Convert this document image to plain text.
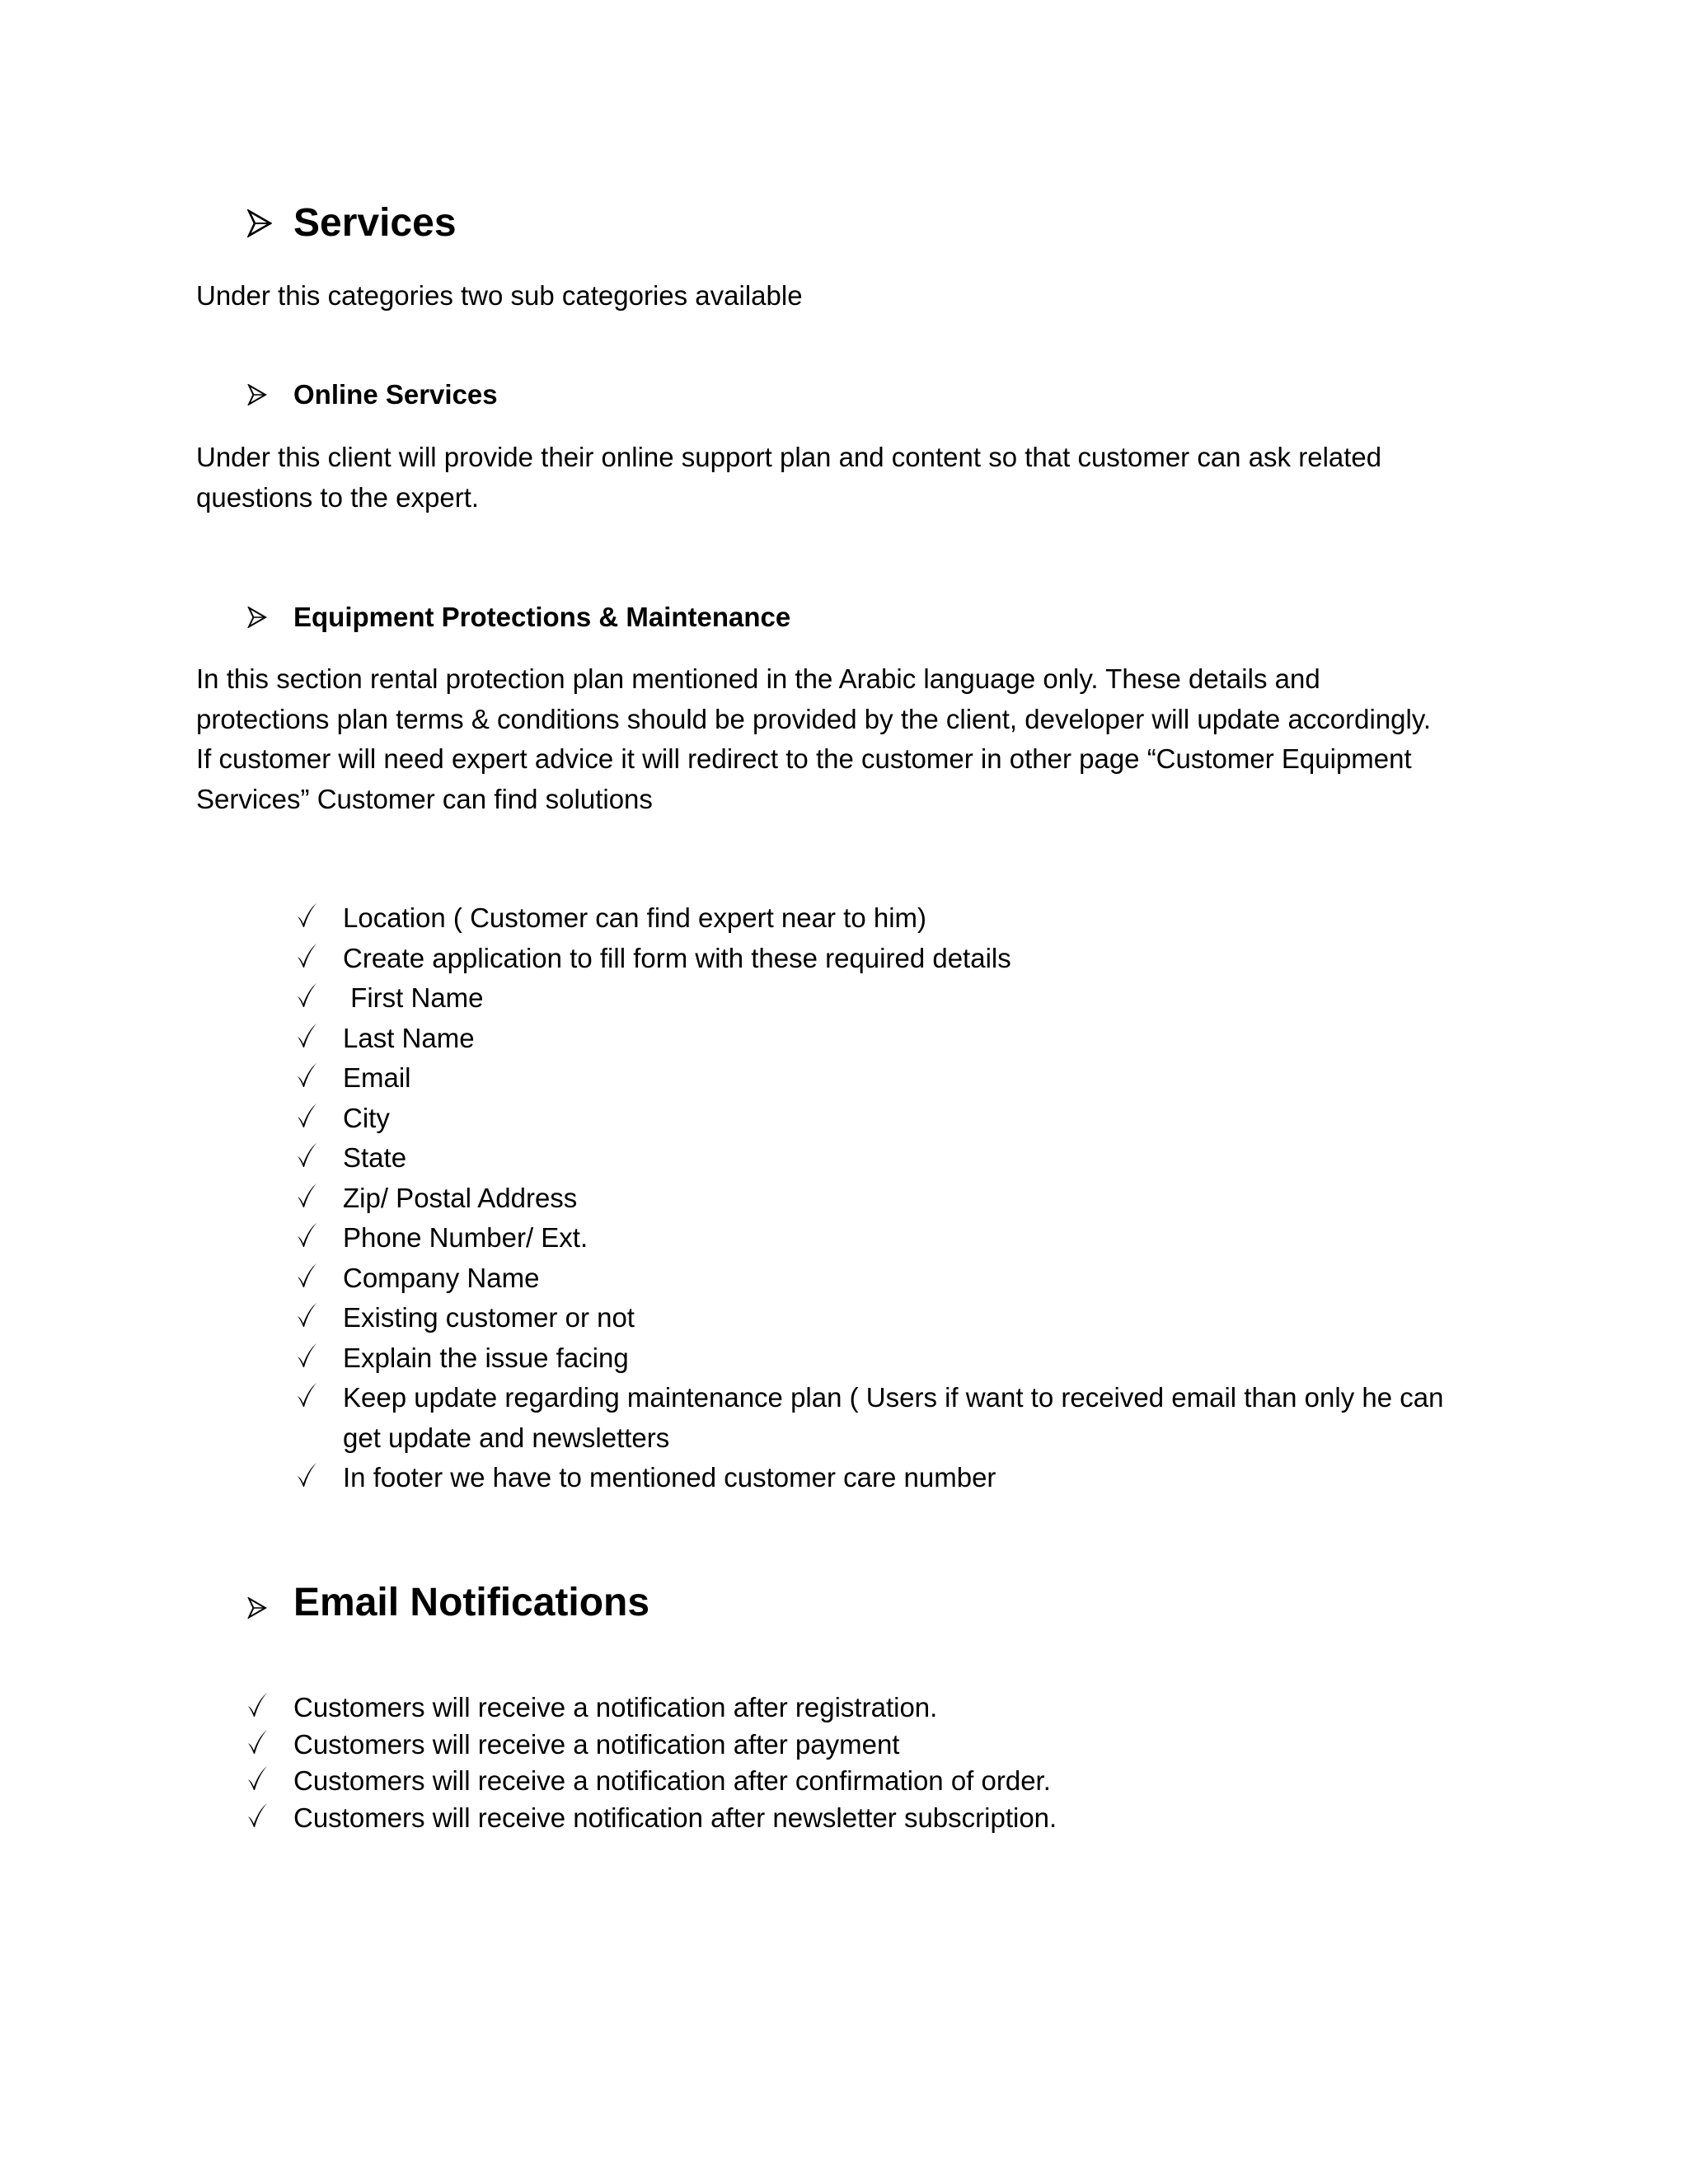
Services
Under this categories two sub categories available
Online Services
Under this client will provide their online support plan and content so that customer can ask related
questions to the expert.
Equipment Protections & Maintenance
In this section rental protection plan mentioned in the Arabic language only. These details and
protections plan terms & conditions should be provided by the client, developer will update accordingly.
If customer will need expert advice it will redirect to the customer in other page “Customer Equipment
Services” Customer can find solutions
Location ( Customer can find expert near to him)
Create application to fill form with these required details
First Name
Last Name
Email
City
State
Zip/ Postal Address
Phone Number/ Ext.
Company Name
Existing customer or not
Explain the issue facing
Keep update regarding maintenance plan ( Users if want to received email than only he can
get update and newsletters
In footer we have to mentioned customer care number
Email Notifications
Customers will receive a notification after registration.
Customers will receive a notification after payment
Customers will receive a notification after confirmation of order.
Customers will receive notification after newsletter subscription.
